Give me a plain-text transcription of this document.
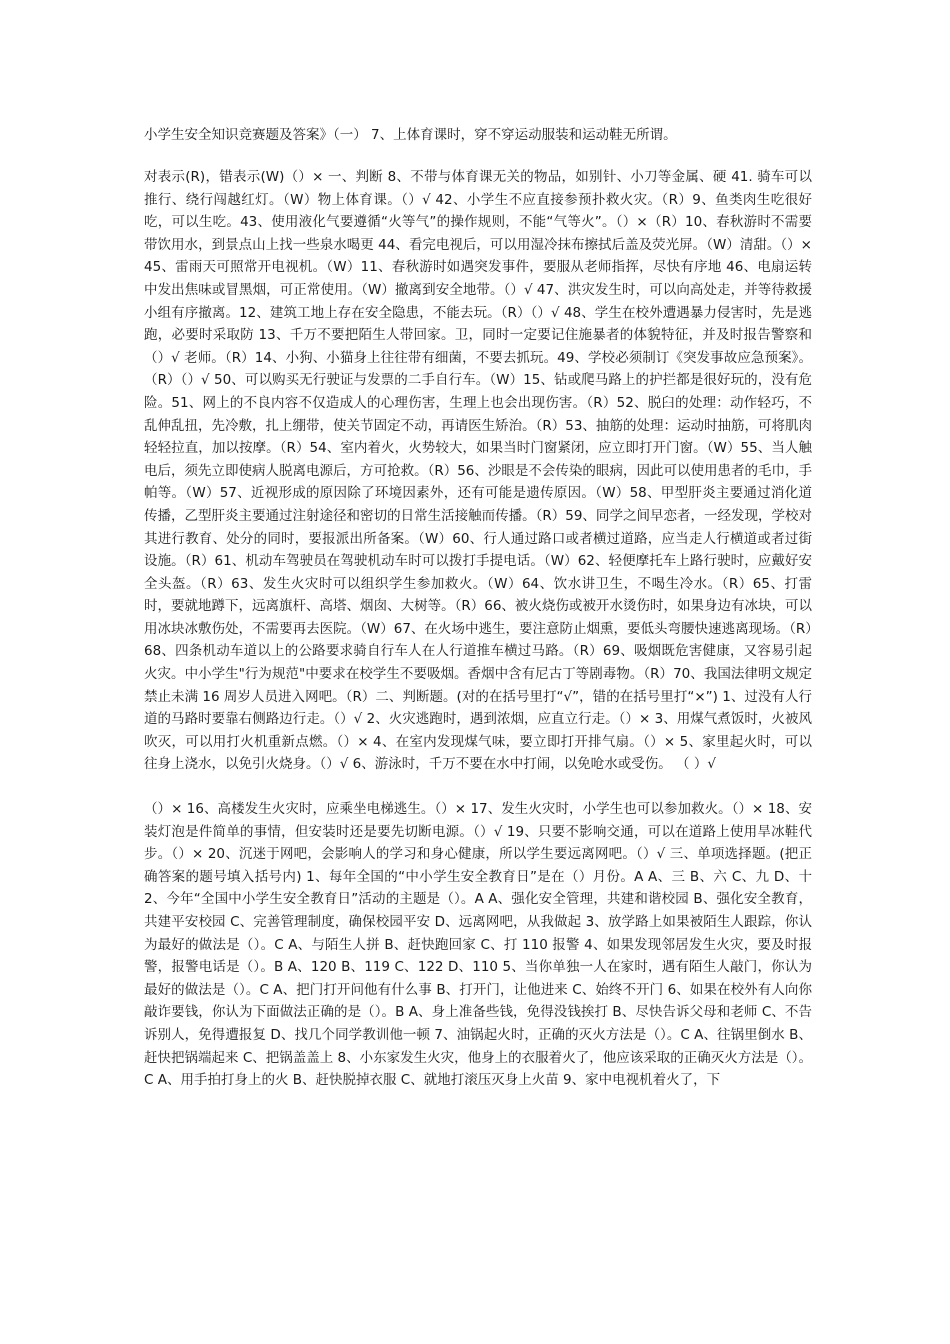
小学生安全知识竞赛题及答案》（一） 7、上体育课时，穿不穿运动服装和运动鞋无所谓。

对表示(R)，错表示(W)（）× 一、判断 8、不带与体育课无关的物品，如别针、小刀等金属、硬 41. 骑车可以推行、绕行闯越红灯。（W）物上体育课。（）√ 42、小学生不应直接参预扑救火灾。（R）9、鱼类肉生吃很好吃，可以生吃。43、使用液化气要遵循“火等气”的操作规则，不能“气等火”。（）×（R）10、春秋游时不需要带饮用水，到景点山上找一些泉水喝更 44、看完电视后，可以用湿冷抹布擦拭后盖及荧光屏。（W）清甜。（）× 45、雷雨天可照常开电视机。（W）11、春秋游时如遇突发事件，要服从老师指挥，尽快有序地 46、电扇运转中发出焦味或冒黑烟，可正常使用。（W）撤离到安全地带。（）√ 47、洪灾发生时，可以向高处走，并等待救援小组有序撤离。12、建筑工地上存在安全隐患，不能去玩。（R）（）√ 48、学生在校外遭遇暴力侵害时，先是逃跑，必要时采取防 13、千万不要把陌生人带回家。卫，同时一定要记住施暴者的体貌特征，并及时报告警察和（）√ 老师。（R）14、小狗、小猫身上往往带有细菌，不要去抓玩。49、学校必须制订《突发事故应急预案》。（R）（）√ 50、可以购买无行驶证与发票的二手自行车。（W）15、钻或爬马路上的护拦都是很好玩的，没有危险。51、网上的不良内容不仅造成人的心理伤害，生理上也会出现伤害。（R）52、脱臼的处理：动作轻巧，不乱伸乱扭，先冷敷，扎上绷带，使关节固定不动，再请医生矫治。（R）53、抽筋的处理：运动时抽筋，可将肌肉轻轻拉直，加以按摩。（R）54、室内着火，火势较大，如果当时门窗紧闭，应立即打开门窗。（W）55、当人触电后，须先立即使病人脱离电源后，方可抢救。（R）56、沙眼是不会传染的眼病，因此可以使用患者的毛巾，手帕等。（W）57、近视形成的原因除了环境因素外，还有可能是遗传原因。（W）58、甲型肝炎主要通过消化道传播，乙型肝炎主要通过注射途径和密切的日常生活接触而传播。（R）59、同学之间早恋者，一经发现，学校对其进行教育、处分的同时，要报派出所备案。（W）60、行人通过路口或者横过道路，应当走人行横道或者过街设施。（R）61、机动车驾驶员在驾驶机动车时可以拨打手提电话。（W）62、轻便摩托车上路行驶时，应戴好安全头盔。（R）63、发生火灾时可以组织学生参加救火。（W）64、饮水讲卫生，不喝生冷水。（R）65、打雷时，要就地蹲下，远离旗杆、高塔、烟囱、大树等。（R）66、被火烧伤或被开水烫伤时，如果身边有冰块，可以用冰块冰敷伤处，不需要再去医院。（W）67、在火场中逃生，要注意防止烟熏，要低头弯腰快速逃离现场。（R）68、四条机动车道以上的公路要求骑自行车人在人行道推车横过马路。（R）69、吸烟既危害健康，又容易引起火灾。中小学生"行为规范"中要求在校学生不要吸烟。香烟中含有尼古丁等剧毒物。（R）70、我国法律明文规定禁止未满 16 周岁人员进入网吧。（R）二、判断题。(对的在括号里打“√”，错的在括号里打“×”) 1、过没有人行道的马路时要靠右侧路边行走。（）√ 2、火灾逃跑时，遇到浓烟，应直立行走。（）× 3、用煤气煮饭时，火被风吹灭，可以用打火机重新点燃。（）× 4、在室内发现煤气味，要立即打开排气扇。（）× 5、家里起火时，可以往身上浇水，以免引火烧身。（）√ 6、游泳时，千万不要在水中打闹，以免呛水或受伤。 （ ）√

（）× 16、高楼发生火灾时，应乘坐电梯逃生。（）× 17、发生火灾时，小学生也可以参加救火。（）× 18、安装灯泡是件简单的事情，但安装时还是要先切断电源。（）√ 19、只要不影响交通，可以在道路上使用旱冰鞋代步。（）× 20、沉迷于网吧，会影响人的学习和身心健康，所以学生要远离网吧。（）√ 三、单项选择题。(把正确答案的题号填入括号内) 1、每年全国的“中小学生安全教育日”是在（）月份。A A、三 B、六 C、九 D、十 2、今年“全国中小学生安全教育日”活动的主题是（）。A A、强化安全管理，共建和谐校园 B、强化安全教育，共建平安校园 C、完善管理制度，确保校园平安 D、远离网吧，从我做起 3、放学路上如果被陌生人跟踪，你认为最好的做法是（）。C A、与陌生人拼 B、赶快跑回家 C、打 110 报警 4、如果发现邻居发生火灾，要及时报警，报警电话是（）。B A、120 B、119 C、122 D、110 5、当你单独一人在家时，遇有陌生人敲门，你认为最好的做法是（）。C A、把门打开问他有什么事 B、打开门，让他进来 C、始终不开门 6、如果在校外有人向你敲诈要钱，你认为下面做法正确的是（）。B A、身上准备些钱，免得没钱挨打 B、尽快告诉父母和老师 C、不告诉别人，免得遭报复 D、找几个同学教训他一顿 7、油锅起火时，正确的灭火方法是（）。C A、往锅里倒水 B、赶快把锅端起来 C、把锅盖盖上 8、小东家发生火灾，他身上的衣服着火了，他应该采取的正确灭火方法是（）。C A、用手拍打身上的火 B、赶快脱掉衣服 C、就地打滚压灭身上火苗 9、家中电视机着火了，下
